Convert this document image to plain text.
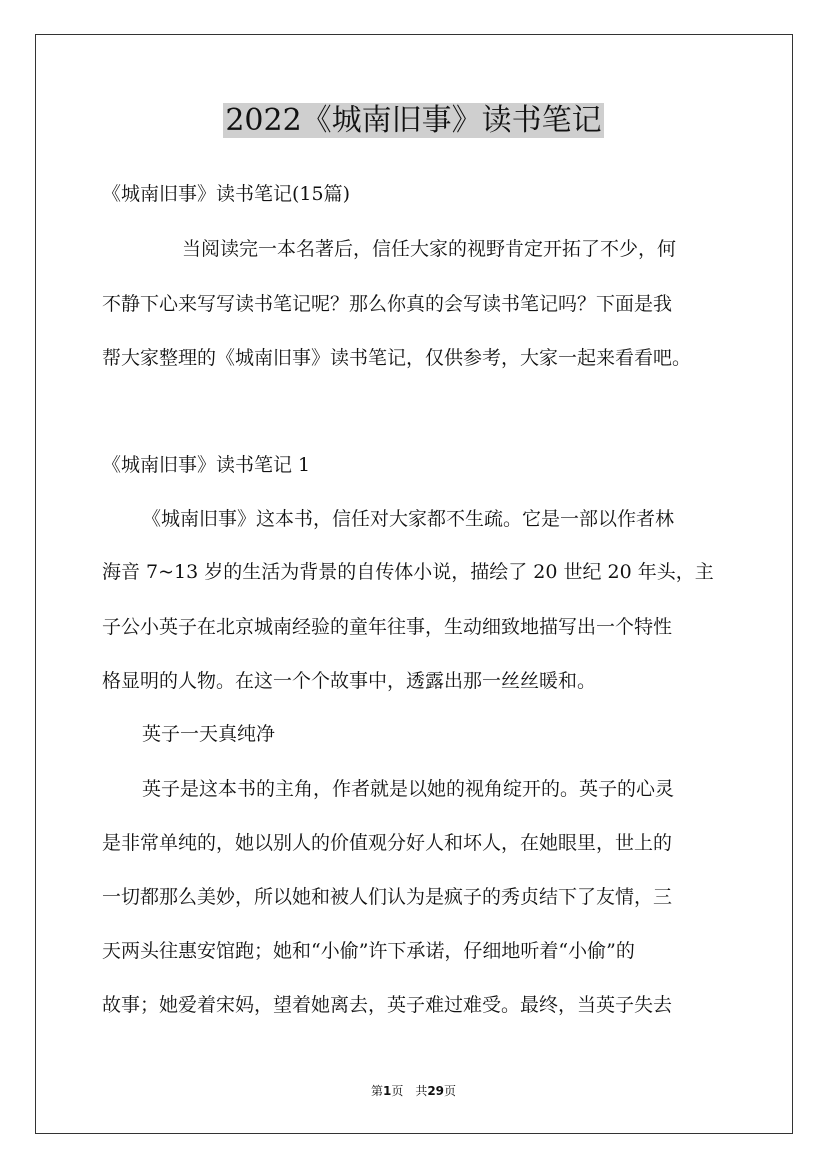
2022《城南旧事》读书笔记

《城南旧事》读书笔记(15篇)

当阅读完一本名著后，信任大家的视野肯定开拓了不少，何

不静下心来写写读书笔记呢？那么你真的会写读书笔记吗？下面是我

帮大家整理的《城南旧事》读书笔记，仅供参考，大家一起来看看吧。

《城南旧事》读书笔记 1

《城南旧事》这本书，信任对大家都不生疏。它是一部以作者林

海音 7~13 岁的生活为背景的自传体小说，描绘了 20 世纪 20 年头，主

子公小英子在北京城南经验的童年往事，生动细致地描写出一个特性

格显明的人物。在这一个个故事中，透露出那一丝丝暖和。

英子一天真纯净

英子是这本书的主角，作者就是以她的视角绽开的。英子的心灵

是非常单纯的，她以别人的价值观分好人和坏人，在她眼里，世上的

一切都那么美妙，所以她和被人们认为是疯子的秀贞结下了友情，三

天两头往惠安馆跑；她和“小偷”许下承诺，仔细地听着“小偷”的

故事；她爱着宋妈，望着她离去，英子难过难受。最终，当英子失去

第1页　共29页
